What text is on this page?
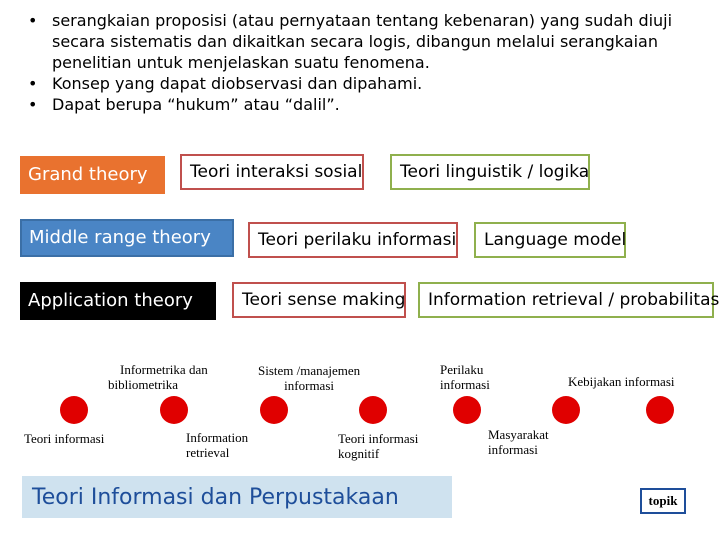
• serangkaian proposisi (atau pernyataan tentang kebenaran) yang sudah diuji secara sistematis dan dikaitkan secara logis, dibangun melalui serangkaian penelitian untuk menjelaskan suatu fenomena.
• Konsep yang dapat diobservasi dan dipahami.
• Dapat berupa “hukum” atau “dalil”.
Grand theory
Middle range theory
Application theory
Teori interaksi sosial	Teori linguistik / logika
Teori perilaku informasi	Language model
Teori sense making	Information retrieval / probabilitas
Informetrika dan
bibliometrika
Sistem /manajemen
informasi
Perilaku
informasi	Kebijakan informasi
Teori informasi	Information
retrieval
Teori informasi
kognitif
Masyarakat
informasi
Teori Informasi dan Perpustakaan	topik
